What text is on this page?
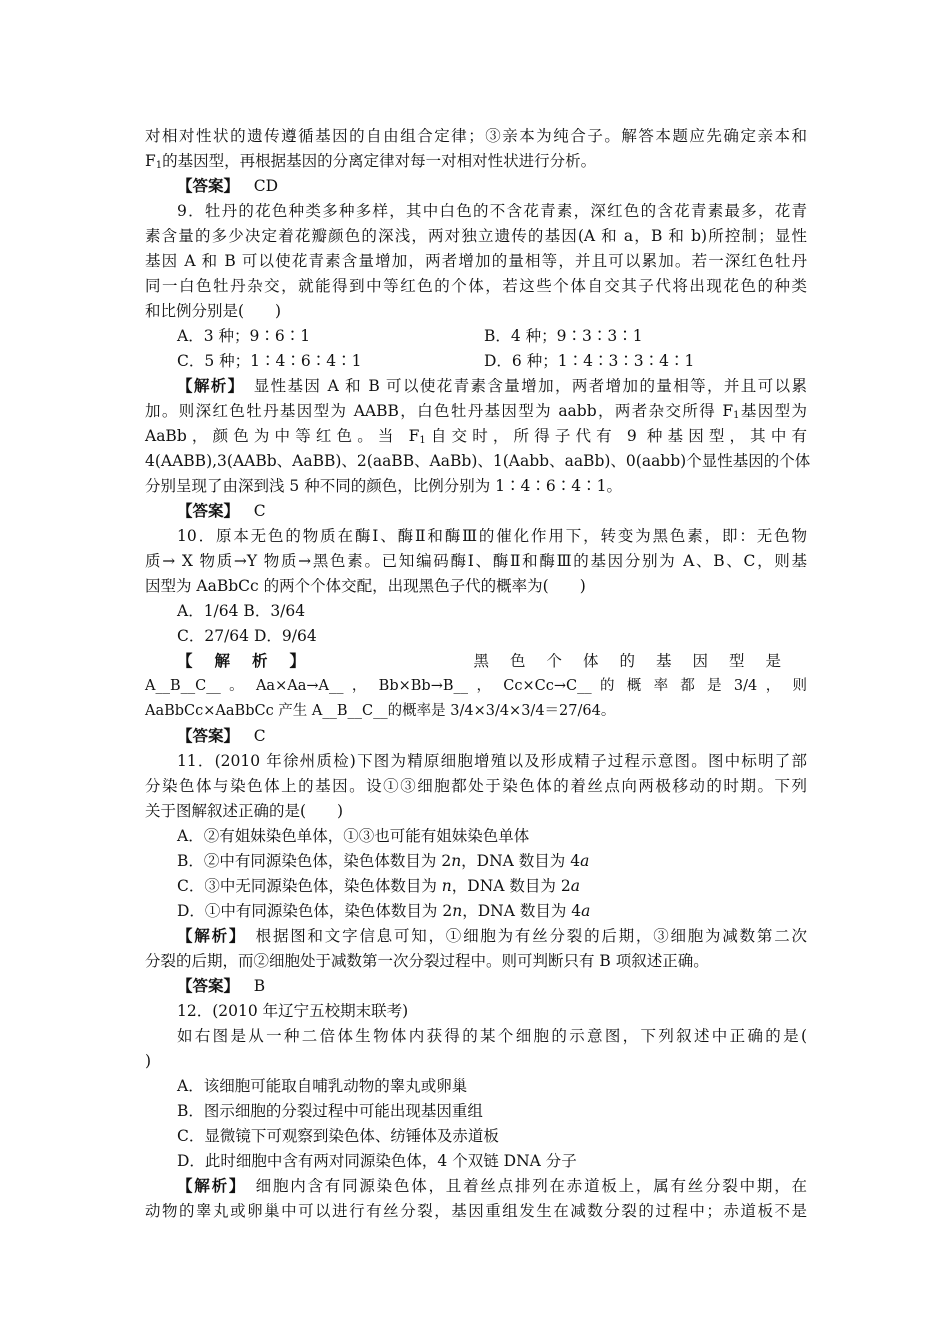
对相对性状的遗传遵循基因的自由组合定律；③亲本为纯合子。解答本题应先确定亲本和
$F_1$的基因型，再根据基因的分离定律对每一对相对性状进行分析。
【答案】 CD
9．牡丹的花色种类多种多样，其中白色的不含花青素，深红色的含花青素最多，花青
素含量的多少决定着花瓣颜色的深浅，两对独立遗传的基因(A 和 a，B 和 b)所控制；显性
基因 A 和 B 可以使花青素含量增加，两者增加的量相等，并且可以累加。若一深红色牡丹
同一白色牡丹杂交，就能得到中等红色的个体，若这些个体自交其子代将出现花色的种类
和比例分别是(　　)
A．3 种；9∶6∶1	B．4 种；9∶3∶3∶1
C．5 种；1∶4∶6∶4∶1	D．6 种；1∶4∶3∶3∶4∶1
【解析】　显性基因 A 和 B 可以使花青素含量增加，两者增加的量相等，并且可以累
加。则深红色牡丹基因型为 AABB，白色牡丹基因型为 aabb，两者杂交所得 $F_1$基因型为
AaBb，颜色为中等红色。当 $F_1$自交时，所得子代有 9 种基因型，其中有
4(AABB),3(AABb、AaBB)、2(aaBB、AaBb)、1(Aabb、aaBb)、0(aabb)个显性基因的个体
分别呈现了由深到浅 5 种不同的颜色，比例分别为 1∶4∶6∶4∶1。
【答案】 C
10．原本无色的物质在酶Ⅰ、酶Ⅱ和酶Ⅲ的催化作用下，转变为黑色素，即：无色物
质→ X 物质→Y 物质→黑色素。已知编码酶Ⅰ、酶Ⅱ和酶Ⅲ的基因分别为 A、B、C，则基
因型为 AaBbCc 的两个个体交配，出现黑色子代的概率为(　　)
A．1/64 B．3/64
C．27/64 D．9/64
【解析】	黑色个体的基因型是
A__B__C__ 。 Aa×Aa→A__ ， Bb×Bb→B__ ， Cc×Cc→C__ 的 概 率 都 是 3/4 ， 则
AaBbCc×AaBbCc 产生 A__B__C__的概率是 3/4×3/4×3/4＝27/64。
【答案】 C
11．(2010 年徐州质检)下图为精原细胞增殖以及形成精子过程示意图。图中标明了部
分染色体与染色体上的基因。设①③细胞都处于染色体的着丝点向两极移动的时期。下列
关于图解叙述正确的是(　　)
A．②有姐妹染色单体，①③也可能有姐妹染色单体
B．②中有同源染色体，染色体数目为 2n，DNA 数目为 4a
C．③中无同源染色体，染色体数目为 n，DNA 数目为 2a
D．①中有同源染色体，染色体数目为 2n，DNA 数目为 4a
【解析】　根据图和文字信息可知，①细胞为有丝分裂的后期，③细胞为减数第二次
分裂的后期，而②细胞处于减数第一次分裂过程中。则可判断只有 B 项叙述正确。
【答案】 B
12．(2010 年辽宁五校期末联考)
如右图是从一种二倍体生物体内获得的某个细胞的示意图，下列叙述中正确的是(
)
A．该细胞可能取自哺乳动物的睾丸或卵巢
B．图示细胞的分裂过程中可能出现基因重组
C．显微镜下可观察到染色体、纺锤体及赤道板
D．此时细胞中含有两对同源染色体，4 个双链 DNA 分子
【解析】　细胞内含有同源染色体，且着丝点排列在赤道板上，属有丝分裂中期，在
动物的睾丸或卵巢中可以进行有丝分裂，基因重组发生在减数分裂的过程中；赤道板不是
